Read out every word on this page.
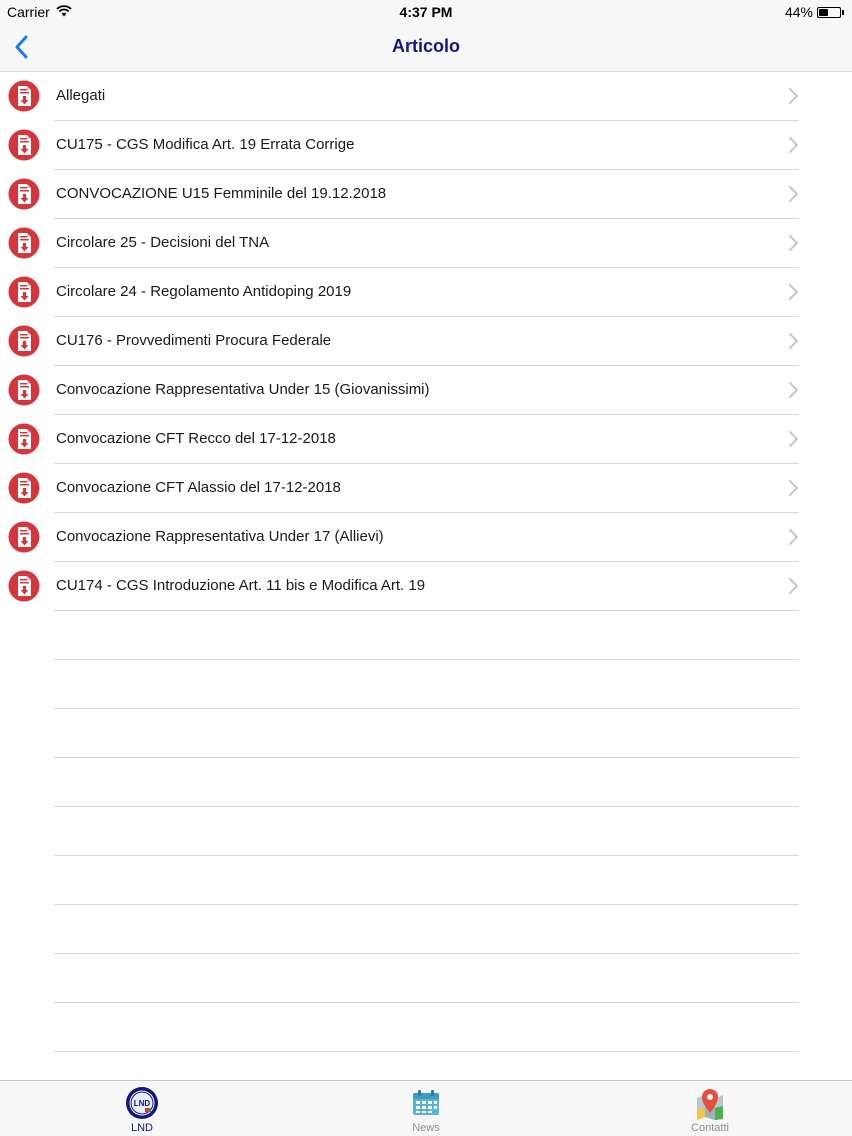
Carrier	4:37 PM	44%
Articolo
Allegati
CU175 - CGS Modifica Art. 19 Errata Corrige
CONVOCAZIONE U15 Femminile del 19.12.2018
Circolare 25 - Decisioni del TNA
Circolare 24 - Regolamento Antidoping 2019
CU176 - Provvedimenti Procura Federale
Convocazione Rappresentativa Under 15 (Giovanissimi)
Convocazione CFT Recco del 17-12-2018
Convocazione CFT Alassio del 17-12-2018
Convocazione Rappresentativa Under 17 (Allievi)
CU174 - CGS Introduzione Art. 11 bis e Modifica Art. 19
LND
LND	News	Contatti
